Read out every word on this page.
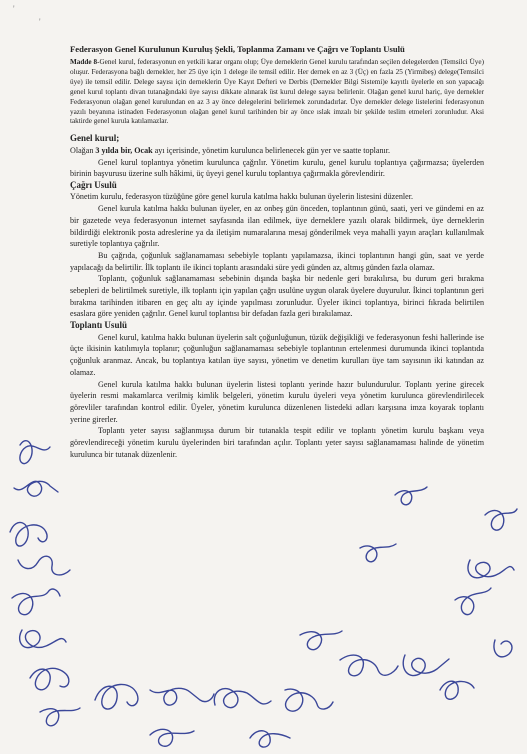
'
'

Federasyon Genel Kurulunun Kuruluş Şekli, Toplanma Zamanı ve Çağrı ve Toplantı Usulü

Madde 8-Genel kurul, federasyonun en yetkili karar organı olup; Üye derneklerin Genel kurulu tarafından seçilen delegelerden (Temsilci Üye) oluşur. Federasyona bağlı dernekler, her 25 üye için 1 delege ile temsil edilir. Her dernek en az 3 (Üç) en fazla 25 (Yirmibeş) delege(Temsilci üye) ile temsil edilir. Delege sayısı için derneklerin Üye Kayıt Defteri ve Derbis (Dernekler Bilgi Sistemi)e kayıtlı üyelerle en son yapacağı genel kurul toplantı divan tutanağındaki üye sayısı dikkate alınarak üst kurul delege sayısı belirlenir. Olağan genel kurul hariç, üye dernekler Federasyonun olağan genel kurulundan en az 3 ay önce delegelerini belirlemek zorundadırlar. Üye dernekler delege listelerini federasyonun yazılı beyanına istinaden Federasyonun olağan genel kurul tarihinden bir ay önce ıslak imzalı bir şekilde teslim etmeleri zorunludur. Aksi taktirde genel kurula katılamazlar.

Genel kurul;

Olağan 3 yılda bir, Ocak ayı içerisinde, yönetim kurulunca belirlenecek gün yer ve saatte toplanır.

Genel kurul toplantıya yönetim kurulunca çağrılır. Yönetim kurulu, genel kurulu toplantıya çağırmazsa; üyelerden birinin başvurusu üzerine sulh hâkimi, üç üyeyi genel kurulu toplantıya çağırmakla görevlendirir.

Çağrı Usulü

Yönetim kurulu, federasyon tüzüğüne göre genel kurula katılma hakkı bulunan üyelerin listesini düzenler.

Genel kurula katılma hakkı bulunan üyeler, en az onbeş gün önceden, toplantının günü, saati, yeri ve gündemi en az bir gazetede veya federasyonun internet sayfasında ilan edilmek, üye derneklere yazılı olarak bildirmek, üye derneklerin bildirdiği elektronik posta adreslerine ya da iletişim numaralarına mesaj gönderilmek veya mahalli yayın araçları kullanılmak suretiyle toplantıya çağrılır.

Bu çağrıda, çoğunluk sağlanamaması sebebiyle toplantı yapılamazsa, ikinci toplantının hangi gün, saat ve yerde yapılacağı da belirtilir. İlk toplantı ile ikinci toplantı arasındaki süre yedi günden az, altmış günden fazla olamaz.

Toplantı, çoğunluk sağlanamaması sebebinin dışında başka bir nedenle geri bırakılırsa, bu durum geri bırakma sebepleri de belirtilmek suretiyle, ilk toplantı için yapılan çağrı usulüne uygun olarak üyelere duyurulur. İkinci toplantının geri bırakma tarihinden itibaren en geç altı ay içinde yapılması zorunludur. Üyeler ikinci toplantıya, birinci fıkrada belirtilen esaslara göre yeniden çağrılır. Genel kurul toplantısı bir defadan fazla geri bırakılamaz.

Toplantı Usulü

Genel kurul, katılma hakkı bulunan üyelerin salt çoğunluğunun, tüzük değişikliği ve federasyonun feshi hallerinde ise üçte ikisinin katılımıyla toplanır; çoğunluğun sağlanamaması sebebiyle toplantının ertelenmesi durumunda ikinci toplantıda çoğunluk aranmaz. Ancak, bu toplantıya katılan üye sayısı, yönetim ve denetim kurulları üye tam sayısının iki katından az olamaz.

Genel kurula katılma hakkı bulunan üyelerin listesi toplantı yerinde hazır bulundurulur. Toplantı yerine girecek üyelerin resmi makamlarca verilmiş kimlik belgeleri, yönetim kurulu üyeleri veya yönetim kurulunca görevlendirilecek görevliler tarafından kontrol edilir. Üyeler, yönetim kurulunca düzenlenen listedeki adları karşısına imza koyarak toplantı yerine girerler.

Toplantı yeter sayısı sağlanmışsa durum bir tutanakla tespit edilir ve toplantı yönetim kurulu başkanı veya görevlendireceği yönetim kurulu üyelerinden biri tarafından açılır. Toplantı yeter sayısı sağlanamaması halinde de yönetim kurulunca bir tutanak düzenlenir.
